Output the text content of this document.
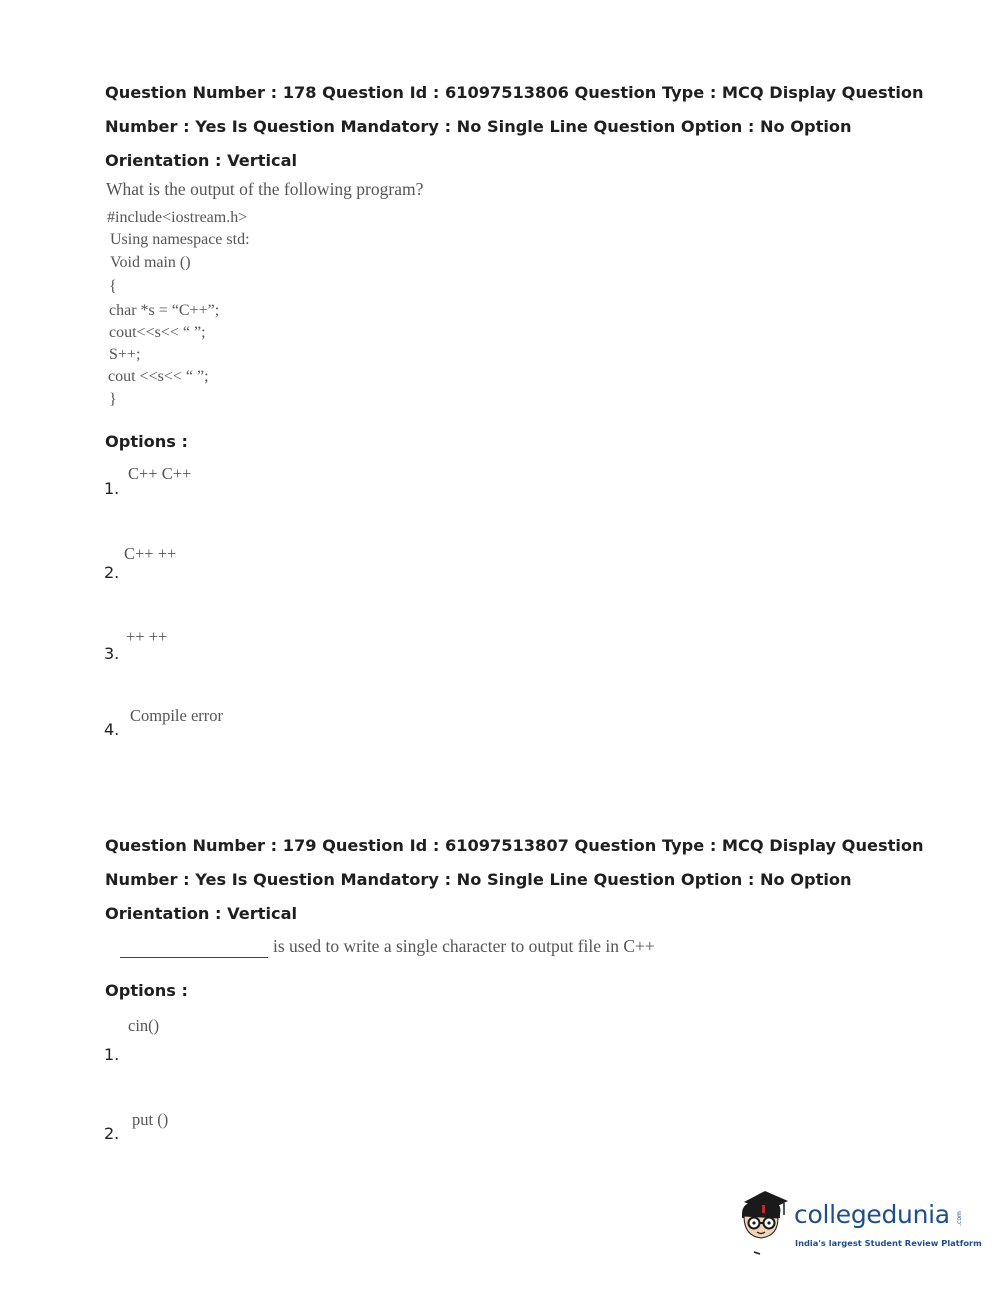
Question Number : 178 Question Id : 61097513806 Question Type : MCQ Display Question
Number : Yes Is Question Mandatory : No Single Line Question Option : No Option
Orientation : Vertical
What is the output of the following program?
#include<iostream.h>
Using namespace std:
Void main ()
{
char *s = “C++”;
cout<<s<< “ ”;
S++;
cout <<s<< “ ”;
}
Options :
1.
C++ C++
2.
C++ ++
3.
++ ++
4.
Compile error
Question Number : 179 Question Id : 61097513807 Question Type : MCQ Display Question
Number : Yes Is Question Mandatory : No Single Line Question Option : No Option
Orientation : Vertical
is used to write a single character to output file in C++
Options :
1.
cin()
2.
put ()
collegedunia .com
India's largest Student Review Platform
